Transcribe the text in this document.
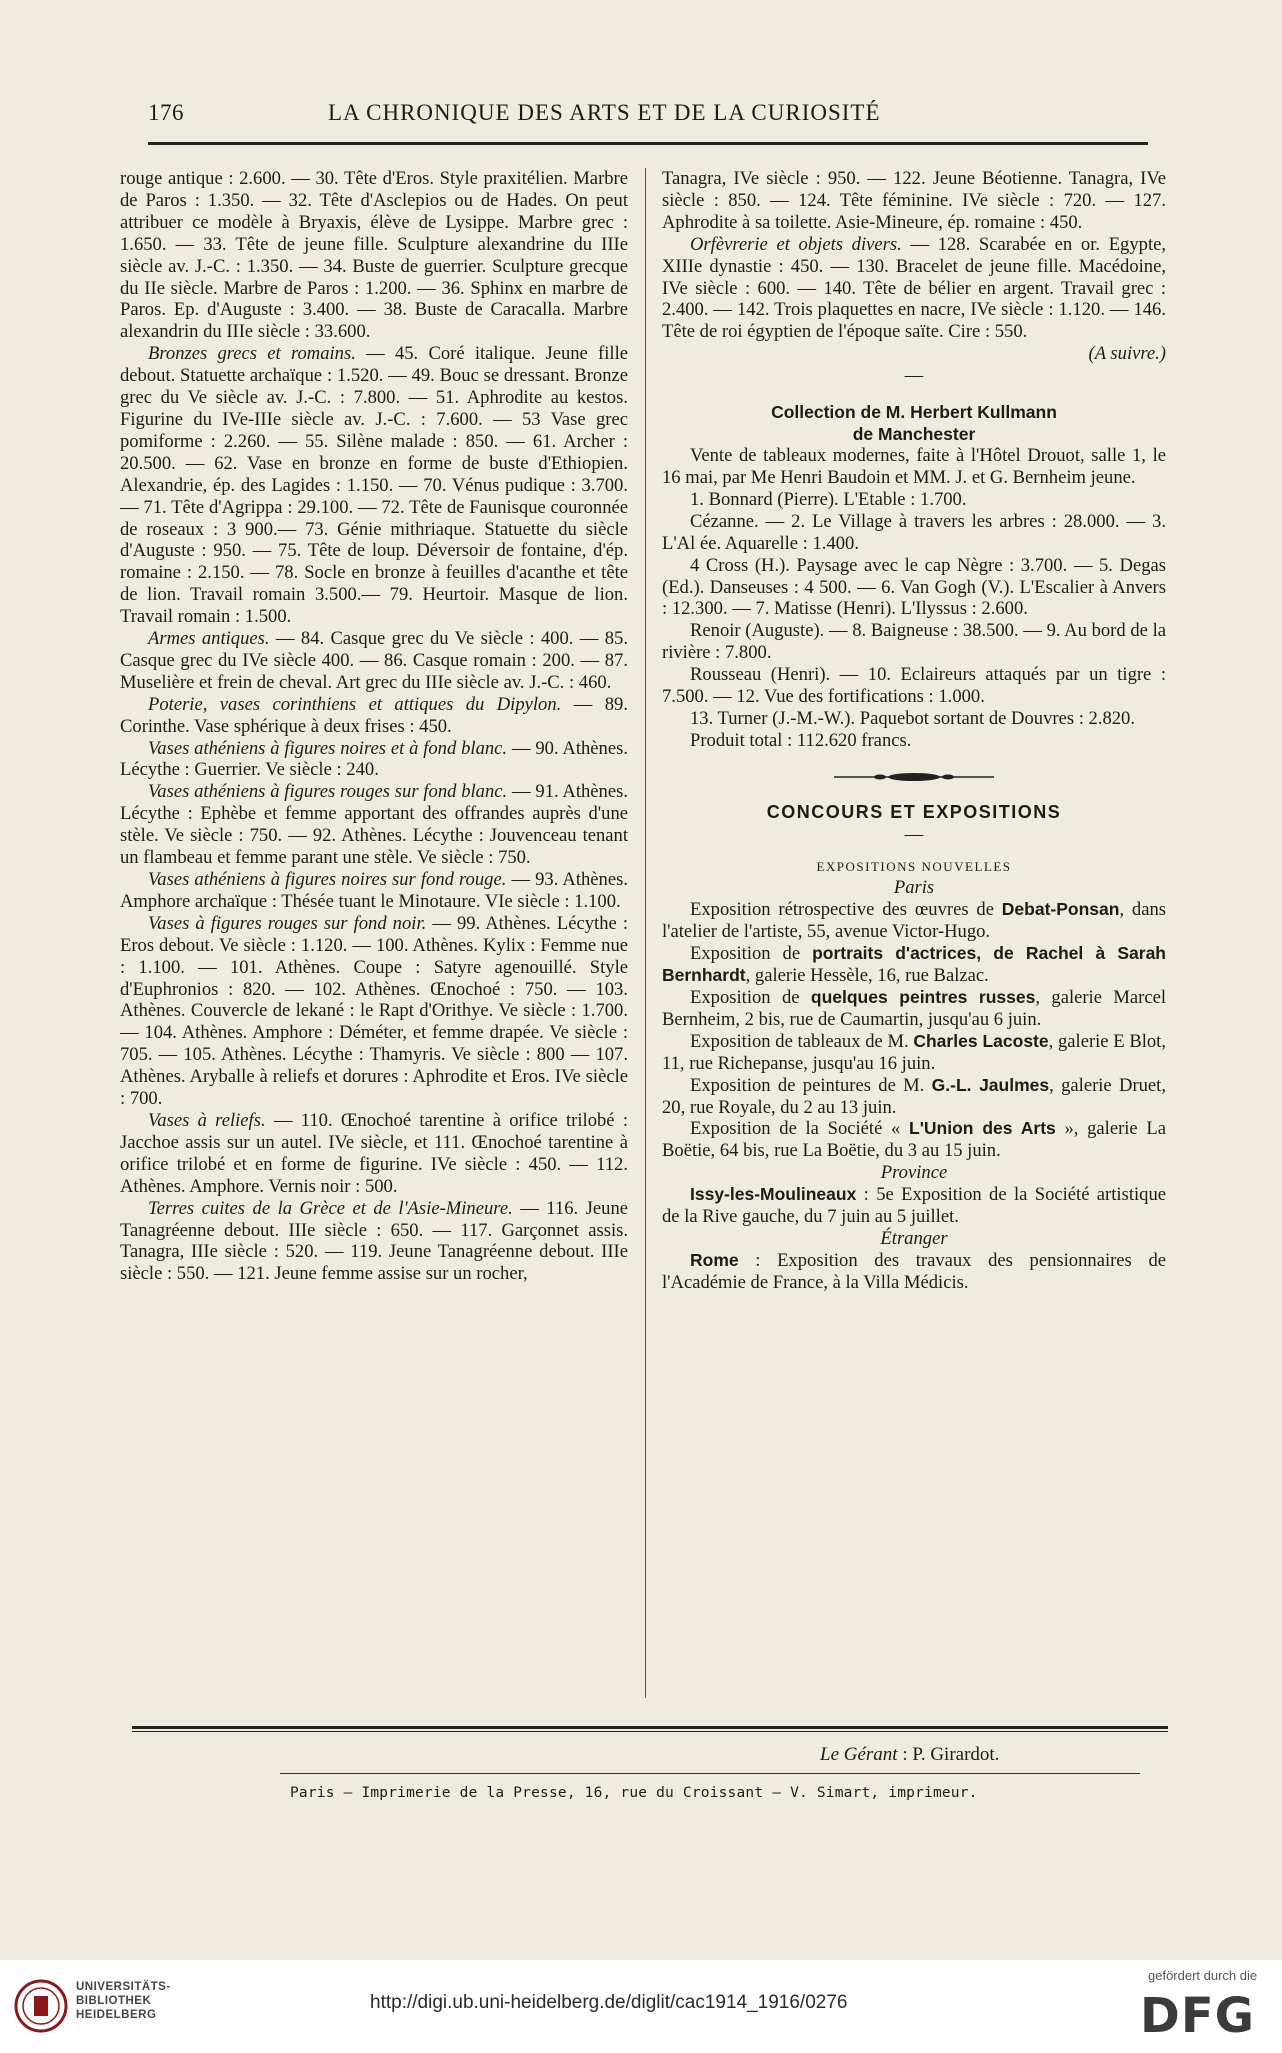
176	LA CHRONIQUE DES ARTS ET DE LA CURIOSITÉ

rouge antique : 2.600. — 30. Tête d'Eros. Style praxitélien. Marbre de Paros : 1.350. — 32. Tête d'Asclepios ou de Hades. On peut attribuer ce modèle à Bryaxis, élève de Lysippe. Marbre grec : 1.650. — 33. Tête de jeune fille. Sculpture alexandrine du IIIe siècle av. J.-C. : 1.350. — 34. Buste de guerrier. Sculpture grecque du IIe siècle. Marbre de Paros : 1.200. — 36. Sphinx en marbre de Paros. Ep. d'Auguste : 3.400. — 38. Buste de Caracalla. Marbre alexandrin du IIIe siècle : 33.600.

Bronzes grecs et romains. — 45. Coré italique. Jeune fille debout. Statuette archaïque : 1.520. — 49. Bouc se dressant. Bronze grec du Ve siècle av. J.-C. : 7.800. — 51. Aphrodite au kestos. Figurine du IVe-IIIe siècle av. J.-C. : 7.600. — 53 Vase grec pomiforme : 2.260. — 55. Silène malade : 850. — 61. Archer : 20.500. — 62. Vase en bronze en forme de buste d'Ethiopien. Alexandrie, ép. des Lagides : 1.150. — 70. Vénus pudique : 3.700. — 71. Tête d'Agrippa : 29.100. — 72. Tête de Faunisque couronnée de roseaux : 3 900.— 73. Génie mithriaque. Statuette du siècle d'Auguste : 950. — 75. Tête de loup. Déversoir de fontaine, d'ép. romaine : 2.150. — 78. Socle en bronze à feuilles d'acanthe et tête de lion. Travail romain 3.500.— 79. Heurtoir. Masque de lion. Travail romain : 1.500.

Armes antiques. — 84. Casque grec du Ve siècle : 400. — 85. Casque grec du IVe siècle 400. — 86. Casque romain : 200. — 87. Muselière et frein de cheval. Art grec du IIIe siècle av. J.-C. : 460.

Poterie, vases corinthiens et attiques du Dipylon. — 89. Corinthe. Vase sphérique à deux frises : 450.

Vases athéniens à figures noires et à fond blanc. — 90. Athènes. Lécythe : Guerrier. Ve siècle : 240.

Vases athéniens à figures rouges sur fond blanc. — 91. Athènes. Lécythe : Ephèbe et femme apportant des offrandes auprès d'une stèle. Ve siècle : 750. — 92. Athènes. Lécythe : Jouvenceau tenant un flambeau et femme parant une stèle. Ve siècle : 750.

Vases athéniens à figures noires sur fond rouge. — 93. Athènes. Amphore archaïque : Thésée tuant le Minotaure. VIe siècle : 1.100.

Vases à figures rouges sur fond noir. — 99. Athènes. Lécythe : Eros debout. Ve siècle : 1.120. — 100. Athènes. Kylix : Femme nue : 1.100. — 101. Athènes. Coupe : Satyre agenouillé. Style d'Euphronios : 820. — 102. Athènes. Œnochoé : 750. — 103. Athènes. Couvercle de lekané : le Rapt d'Orithye. Ve siècle : 1.700. — 104. Athènes. Amphore : Déméter, et femme drapée. Ve siècle : 705. — 105. Athènes. Lécythe : Thamyris. Ve siècle : 800 — 107. Athènes. Aryballe à reliefs et dorures : Aphrodite et Eros. IVe siècle : 700.

Vases à reliefs. — 110. Œnochoé tarentine à orifice trilobé : Jacchoe assis sur un autel. IVe siècle, et 111. Œnochoé tarentine à orifice trilobé et en forme de figurine. IVe siècle : 450. — 112. Athènes. Amphore. Vernis noir : 500.

Terres cuites de la Grèce et de l'Asie-Mineure. — 116. Jeune Tanagréenne debout. IIIe siècle : 650. — 117. Garçonnet assis. Tanagra, IIIe siècle : 520. — 119. Jeune Tanagréenne debout. IIIe siècle : 550. — 121. Jeune femme assise sur un rocher,

Tanagra, IVe siècle : 950. — 122. Jeune Béotienne. Tanagra, IVe siècle : 850. — 124. Tête féminine. IVe siècle : 720. — 127. Aphrodite à sa toilette. Asie-Mineure, ép. romaine : 450.

Orfèvrerie et objets divers. — 128. Scarabée en or. Egypte, XIIIe dynastie : 450. — 130. Bracelet de jeune fille. Macédoine, IVe siècle : 600. — 140. Tête de bélier en argent. Travail grec : 2.400. — 142. Trois plaquettes en nacre, IVe siècle : 1.120. — 146. Tête de roi égyptien de l'époque saïte. Cire : 550.

(A suivre.)

—

Collection de M. Herbert Kullmann
de Manchester

Vente de tableaux modernes, faite à l'Hôtel Drouot, salle 1, le 16 mai, par Me Henri Baudoin et MM. J. et G. Bernheim jeune.

1. Bonnard (Pierre). L'Etable : 1.700.

Cézanne. — 2. Le Village à travers les arbres : 28.000. — 3. L'Al ée. Aquarelle : 1.400.

4 Cross (H.). Paysage avec le cap Nègre : 3.700. — 5. Degas (Ed.). Danseuses : 4 500. — 6. Van Gogh (V.). L'Escalier à Anvers : 12.300. — 7. Matisse (Henri). L'Ilyssus : 2.600.

Renoir (Auguste). — 8. Baigneuse : 38.500. — 9. Au bord de la rivière : 7.800.

Rousseau (Henri). — 10. Eclaireurs attaqués par un tigre : 7.500. — 12. Vue des fortifications : 1.000.

13. Turner (J.-M.-W.). Paquebot sortant de Douvres : 2.820.

Produit total : 112.620 francs.

CONCOURS ET EXPOSITIONS

—

EXPOSITIONS NOUVELLES

Paris

Exposition rétrospective des œuvres de Debat-Ponsan, dans l'atelier de l'artiste, 55, avenue Victor-Hugo.

Exposition de portraits d'actrices, de Rachel à Sarah Bernhardt, galerie Hessèle, 16, rue Balzac.

Exposition de quelques peintres russes, galerie Marcel Bernheim, 2 bis, rue de Caumartin, jusqu'au 6 juin.

Exposition de tableaux de M. Charles Lacoste, galerie E Blot, 11, rue Richepanse, jusqu'au 16 juin.

Exposition de peintures de M. G.-L. Jaulmes, galerie Druet, 20, rue Royale, du 2 au 13 juin.

Exposition de la Société « L'Union des Arts », galerie La Boëtie, 64 bis, rue La Boëtie, du 3 au 15 juin.

Province

Issy-les-Moulineaux : 5e Exposition de la Société artistique de la Rive gauche, du 7 juin au 5 juillet.

Étranger

Rome : Exposition des travaux des pensionnaires de l'Académie de France, à la Villa Médicis.

Le Gérant : P. Girardot.
Paris — Imprimerie de la Presse, 16, rue du Croissant — V. Simart, imprimeur.
UNIVERSITÄTS-
BIBLIOTHEK
HEIDELBERG
http://digi.ub.uni-heidelberg.de/diglit/cac1914_1916/0276
gefördert durch die
DFG
